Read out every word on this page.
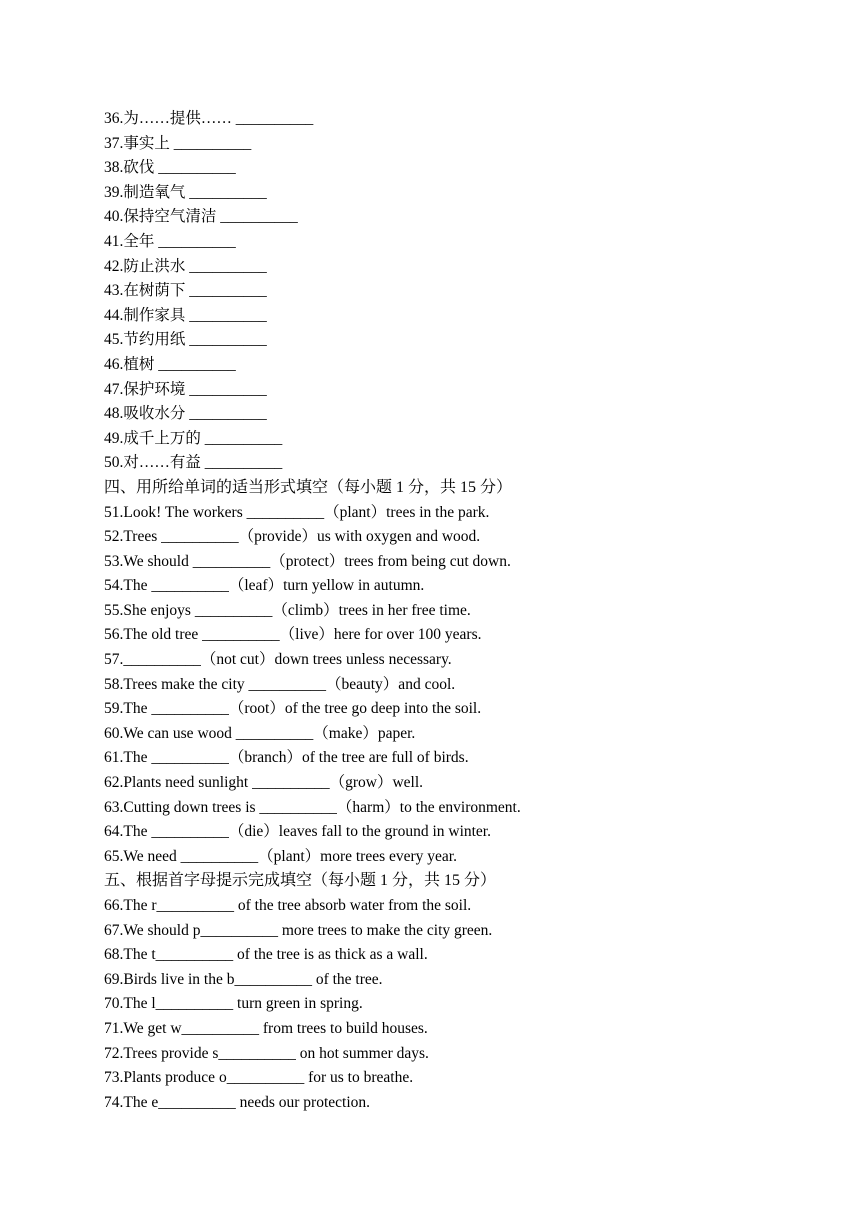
36.为……提供…… __________
37.事实上 __________
38.砍伐 __________
39.制造氧气 __________
40.保持空气清洁 __________
41.全年 __________
42.防止洪水 __________
43.在树荫下 __________
44.制作家具 __________
45.节约用纸 __________
46.植树 __________
47.保护环境 __________
48.吸收水分 __________
49.成千上万的 __________
50.对……有益 __________
四、用所给单词的适当形式填空（每小题 1 分，共 15 分）
51.Look! The workers __________（plant）trees in the park.
52.Trees __________（provide）us with oxygen and wood.
53.We should __________（protect）trees from being cut down.
54.The __________（leaf）turn yellow in autumn.
55.She enjoys __________（climb）trees in her free time.
56.The old tree __________（live）here for over 100 years.
57.__________（not cut）down trees unless necessary.
58.Trees make the city __________（beauty）and cool.
59.The __________（root）of the tree go deep into the soil.
60.We can use wood __________（make）paper.
61.The __________（branch）of the tree are full of birds.
62.Plants need sunlight __________（grow）well.
63.Cutting down trees is __________（harm）to the environment.
64.The __________（die）leaves fall to the ground in winter.
65.We need __________（plant）more trees every year.
五、根据首字母提示完成填空（每小题 1 分，共 15 分）
66.The r__________ of the tree absorb water from the soil.
67.We should p__________ more trees to make the city green.
68.The t__________ of the tree is as thick as a wall.
69.Birds live in the b__________ of the tree.
70.The l__________ turn green in spring.
71.We get w__________ from trees to build houses.
72.Trees provide s__________ on hot summer days.
73.Plants produce o__________ for us to breathe.
74.The e__________ needs our protection.
